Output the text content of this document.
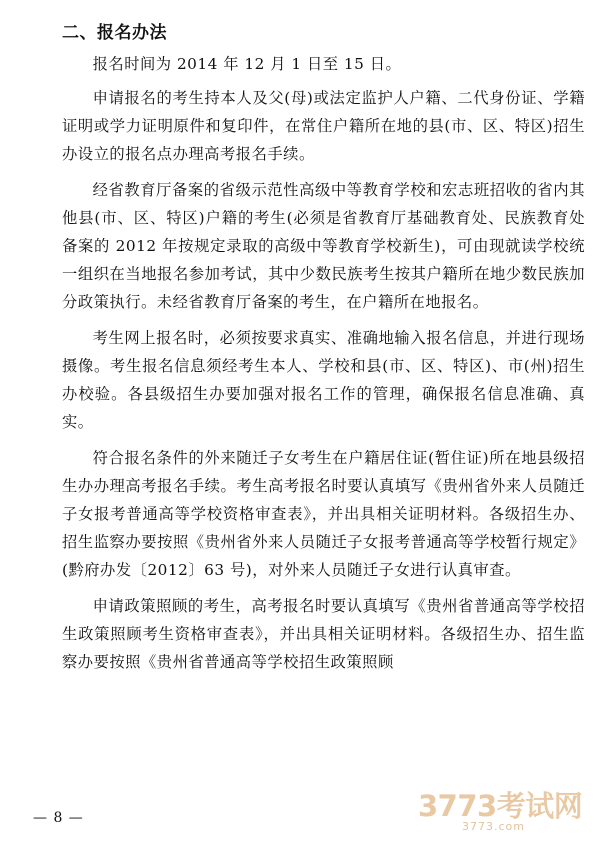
二、报名办法

报名时间为 2014 年 12 月 1 日至 15 日。

申请报名的考生持本人及父(母)或法定监护人户籍、二代身份证、学籍证明或学力证明原件和复印件，在常住户籍所在地的县(市、区、特区)招生办设立的报名点办理高考报名手续。

经省教育厅备案的省级示范性高级中等教育学校和宏志班招收的省内其他县(市、区、特区)户籍的考生(必须是省教育厅基础教育处、民族教育处备案的 2012 年按规定录取的高级中等教育学校新生)，可由现就读学校统一组织在当地报名参加考试，其中少数民族考生按其户籍所在地少数民族加分政策执行。未经省教育厅备案的考生，在户籍所在地报名。

考生网上报名时，必须按要求真实、准确地输入报名信息，并进行现场摄像。考生报名信息须经考生本人、学校和县(市、区、特区)、市(州)招生办校验。各县级招生办要加强对报名工作的管理，确保报名信息准确、真实。

符合报名条件的外来随迁子女考生在户籍居住证(暂住证)所在地县级招生办办理高考报名手续。考生高考报名时要认真填写《贵州省外来人员随迁子女报考普通高等学校资格审查表》，并出具相关证明材料。各级招生办、招生监察办要按照《贵州省外来人员随迁子女报考普通高等学校暂行规定》(黔府办发〔2012〕63 号)，对外来人员随迁子女进行认真审查。

申请政策照顾的考生，高考报名时要认真填写《贵州省普通高等学校招生政策照顾考生资格审查表》，并出具相关证明材料。各级招生办、招生监察办要按照《贵州省普通高等学校招生政策照顾

— 8 —	3773考试网
3773.com
